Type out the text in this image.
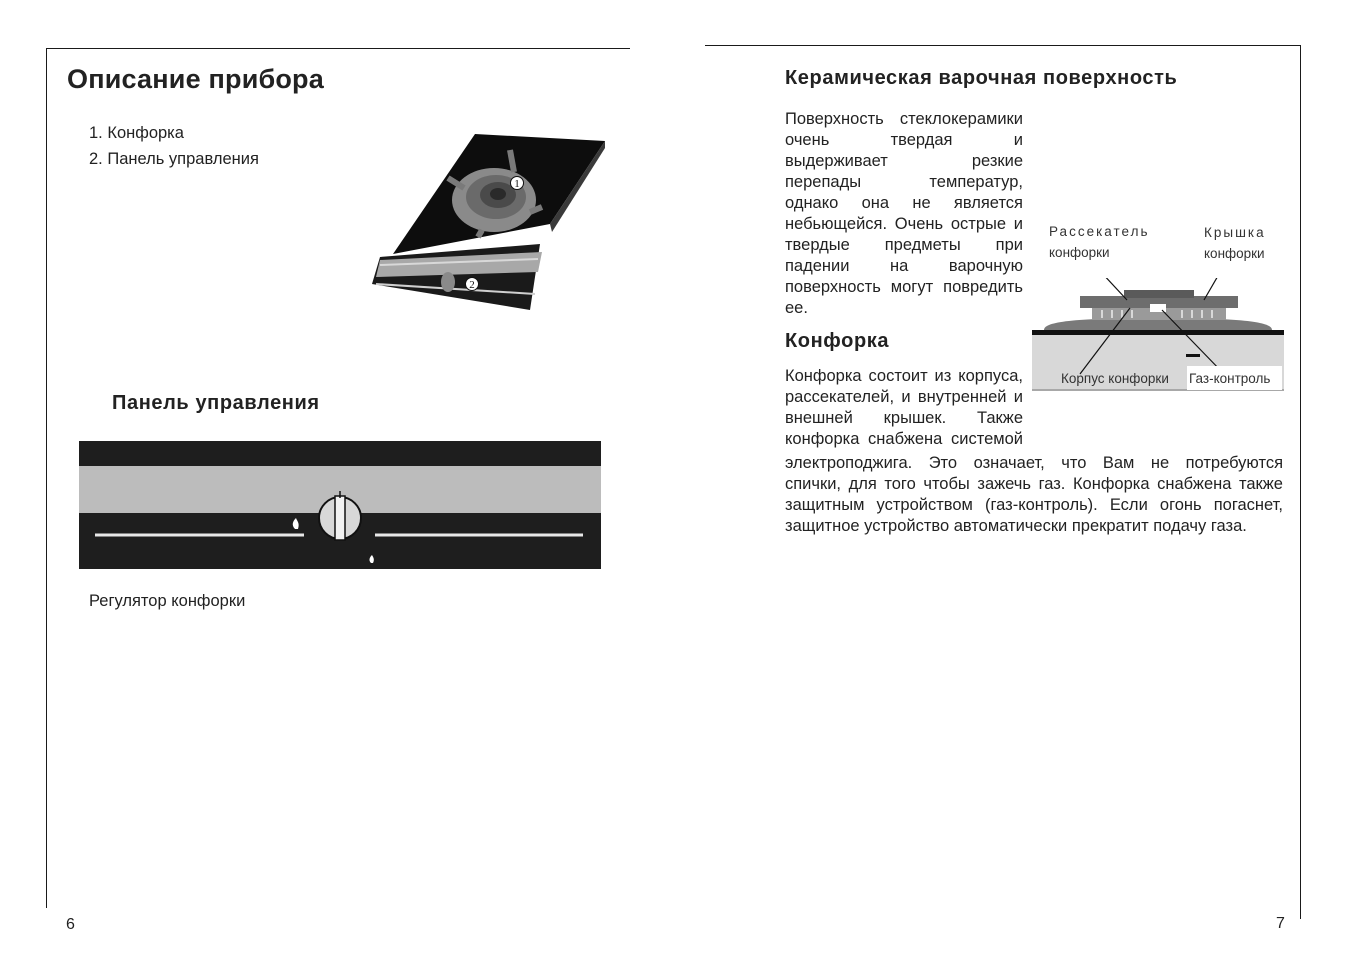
Описание прибора
1. Конфорка
2. Панель управления
1
2
Панель управления
Регулятор конфорки
6
Керамическая варочная поверхность
Поверхность стеклокерамики
очень твердая и
выдерживает резкие
перепады температур,
однако она не является
небьющейся. Очень острые и
твердые предметы при
падении на варочную
поверхность могут повредить
ее.
Конфорка
Конфорка состоит из корпуса,
рассекателей, и внутренней и
внешней крышек. Также
конфорка снабжена системой
электроподжига. Это означает, что Вам не потребуются
спички, для того чтобы зажечь газ. Конфорка снабжена также
защитным устройством (газ-контроль). Если огонь погаснет,
защитное устройство автоматически прекратит подачу газа.
Рассекатель
конфорки
Крышка
конфорки
Корпус конфорки Газ-контроль
7
